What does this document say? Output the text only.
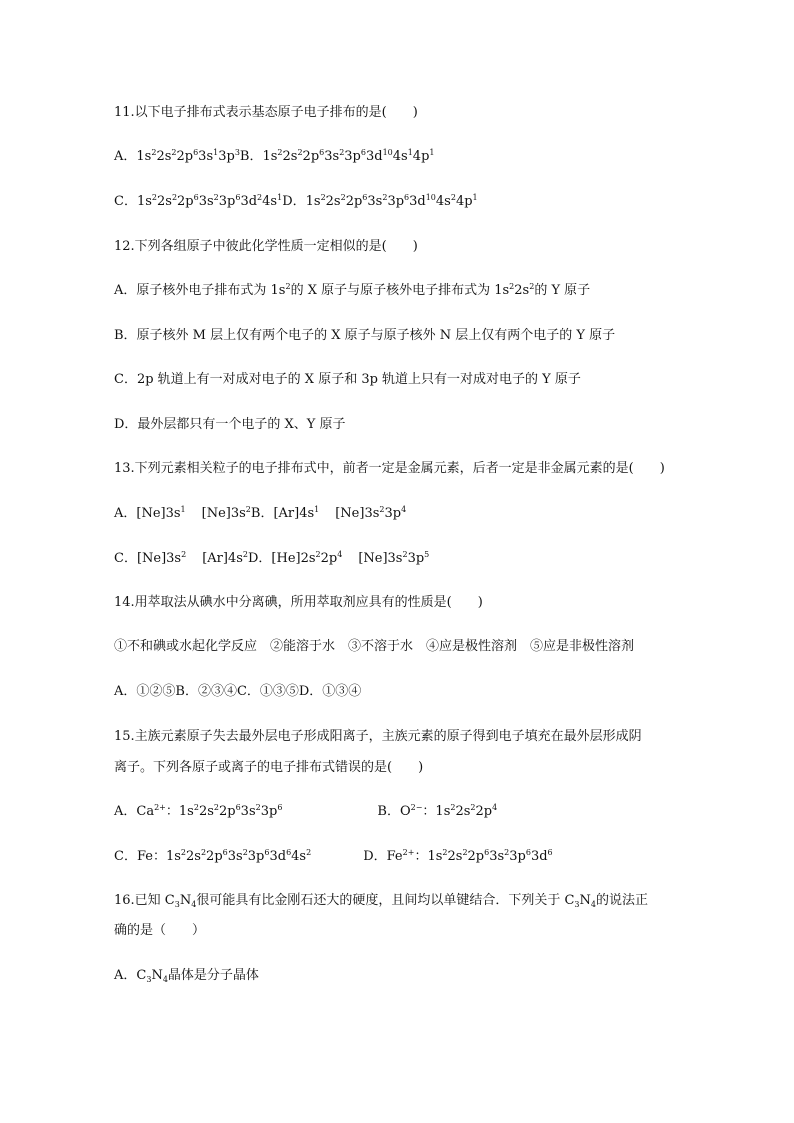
11.以下电子排布式表示基态原子电子排布的是(　　)
A．$1s^22s^22p^63s^13p^3B$．$1s^22s^22p^63s^23p^63d^{10}4s^14p^1$
C．$1s^22s^22p^63s^23p^63d^24s^1D$．$1s^22s^22p^63s^23p^63d^{10}4s^24p^1$
12.下列各组原子中彼此化学性质一定相似的是(　　)
A．原子核外电子排布式为 $1s^2$的 X 原子与原子核外电子排布式为 $1s^22s^2$的 Y 原子
B．原子核外 M 层上仅有两个电子的 X 原子与原子核外 N 层上仅有两个电子的 Y 原子
C．2p 轨道上有一对成对电子的 X 原子和 3p 轨道上只有一对成对电子的 Y 原子
D．最外层都只有一个电子的 X、Y 原子
13.下列元素相关粒子的电子排布式中，前者一定是金属元素，后者一定是非金属元素的是(　　)
A．$[Ne]3s^1$ $[Ne]3s^2B$．$[Ar]4s^1$ $[Ne]3s^23p^4$
C．$[Ne]3s^2$ $[Ar]4s^2D$．$[He]2s^22p^4$ $[Ne]3s^23p^5$
14.用萃取法从碘水中分离碘，所用萃取剂应具有的性质是(　　)
①不和碘或水起化学反应　②能溶于水　③不溶于水　④应是极性溶剂　⑤应是非极性溶剂
A．①②⑤B．②③④C．①③⑤D．①③④
15.主族元素原子失去最外层电子形成阳离子，主族元素的原子得到电子填充在最外层形成阴
离子。下列各原子或离子的电子排布式错误的是(　　)
A．$Ca^{2+}$：$1s^22s^22p^63s^23p^6$	B．$O^{2-}$：$1s^22s^22p^4$
C．Fe：$1s^22s^22p^63s^23p^63d^64s^2$	D．$Fe^{2+}$：$1s^22s^22p^63s^23p^63d^6$
16.已知 $C_3N_4$很可能具有比金刚石还大的硬度，且间均以单键结合．下列关于 $C_3N_4$的说法正
确的是（　　）
A．$C_3N_4$晶体是分子晶体
